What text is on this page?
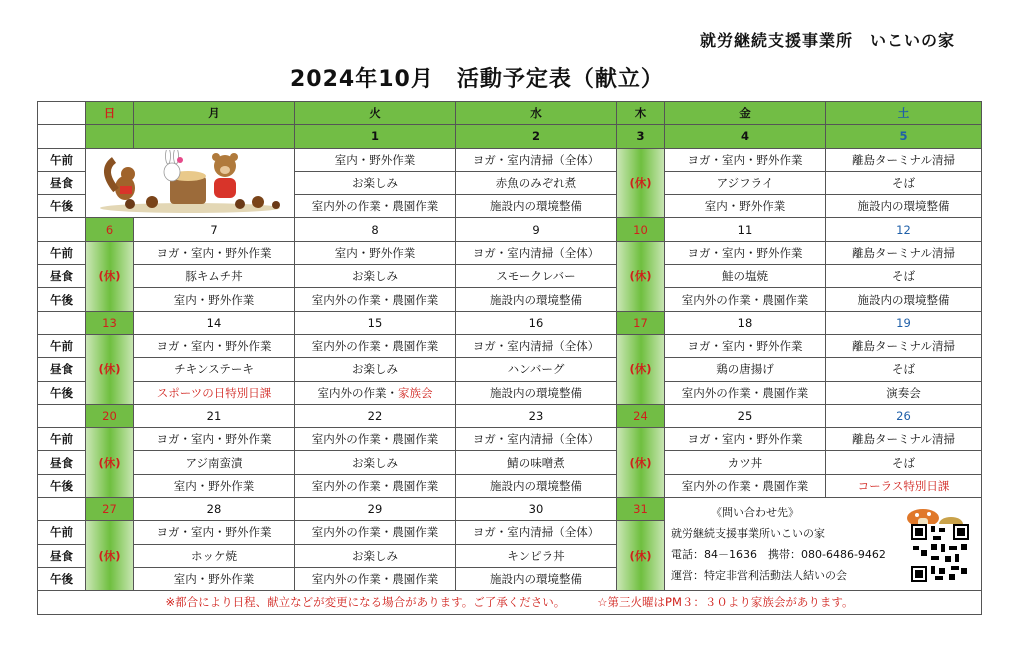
就労継続支援事業所　いこいの家
2024年10月　活動予定表（献立）
	日	月	火	水	木	金	土
			1	2	3	4	5
午前			室内・野外作業	ヨガ・室内清掃（全体）	(休)	ヨガ・室内・野外作業	離島ターミナル清掃
昼食			お楽しみ	赤魚のみぞれ煮		アジフライ	そば
午後			室内外の作業・農園作業	施設内の環境整備		室内・野外作業	施設内の環境整備
	6	7	8	9	10	11	12
午前	(休)	ヨガ・室内・野外作業	室内・野外作業	ヨガ・室内清掃（全体）	(休)	ヨガ・室内・野外作業	離島ターミナル清掃
昼食		豚キムチ丼	お楽しみ	スモークレバー		鮭の塩焼	そば
午後		室内・野外作業	室内外の作業・農園作業	施設内の環境整備		室内外の作業・農園作業	施設内の環境整備
	13	14	15	16	17	18	19
午前	(休)	ヨガ・室内・野外作業	室内外の作業・農園作業	ヨガ・室内清掃（全体）	(休)	ヨガ・室内・野外作業	離島ターミナル清掃
昼食		チキンステーキ	お楽しみ	ハンバーグ		鶏の唐揚げ	そば
午後		スポーツの日特別日課	室内外の作業・家族会	施設内の環境整備		室内外の作業・農園作業	演奏会
	20	21	22	23	24	25	26
午前	(休)	ヨガ・室内・野外作業	室内外の作業・農園作業	ヨガ・室内清掃（全体）	(休)	ヨガ・室内・野外作業	離島ターミナル清掃
昼食		アジ南蛮漬	お楽しみ	鯖の味噌煮		カツ丼	そば
午後		室内・野外作業	室内外の作業・農園作業	施設内の環境整備		室内外の作業・農園作業	コーラス特別日課
	27	28	29	30	31	《問い合わせ先》
就労継続支援事業所いこいの家
電話：84－1636　携帯：080-6486-9462
運営：特定非営利活動法人結いの会	

午前	(休)	ヨガ・室内・野外作業	室内外の作業・農園作業	ヨガ・室内清掃（全体）	(休)		
昼食		ホッケ焼	お楽しみ	キンピラ丼			
午後		室内・野外作業	室内外の作業・農園作業	施設内の環境整備			
※都合により日程、献立などが変更になる場合があります。ご了承ください。 ☆第三火曜はPM３：３０より家族会があります。							
